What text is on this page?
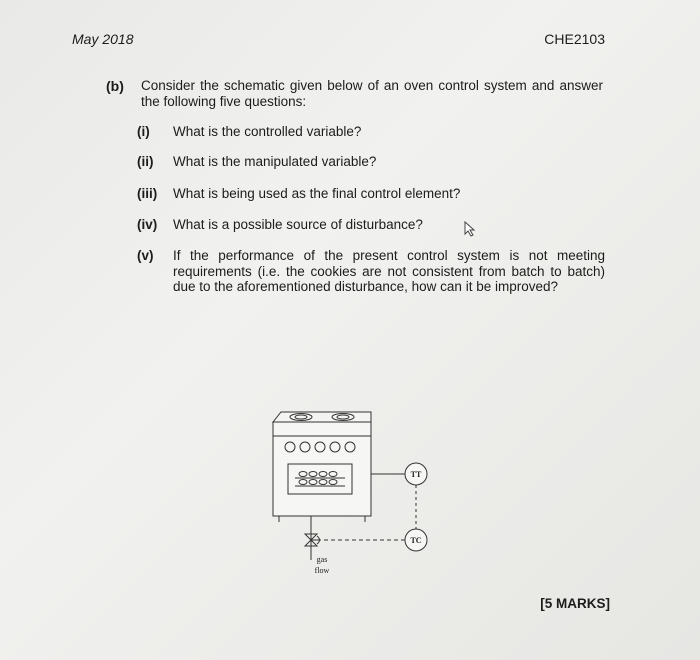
May 2018	CHE2103
(b) Consider the schematic given below of an oven control system and answer the following five questions:
(i) What is the controlled variable?
(ii) What is the manipulated variable?
(iii) What is being used as the final control element?
(iv) What is a possible source of disturbance?
(v) If the performance of the present control system is not meeting requirements (i.e. the cookies are not consistent from batch to batch) due to the aforementioned disturbance, how can it be improved?
TT
TC
gas
flow
[5 MARKS]
